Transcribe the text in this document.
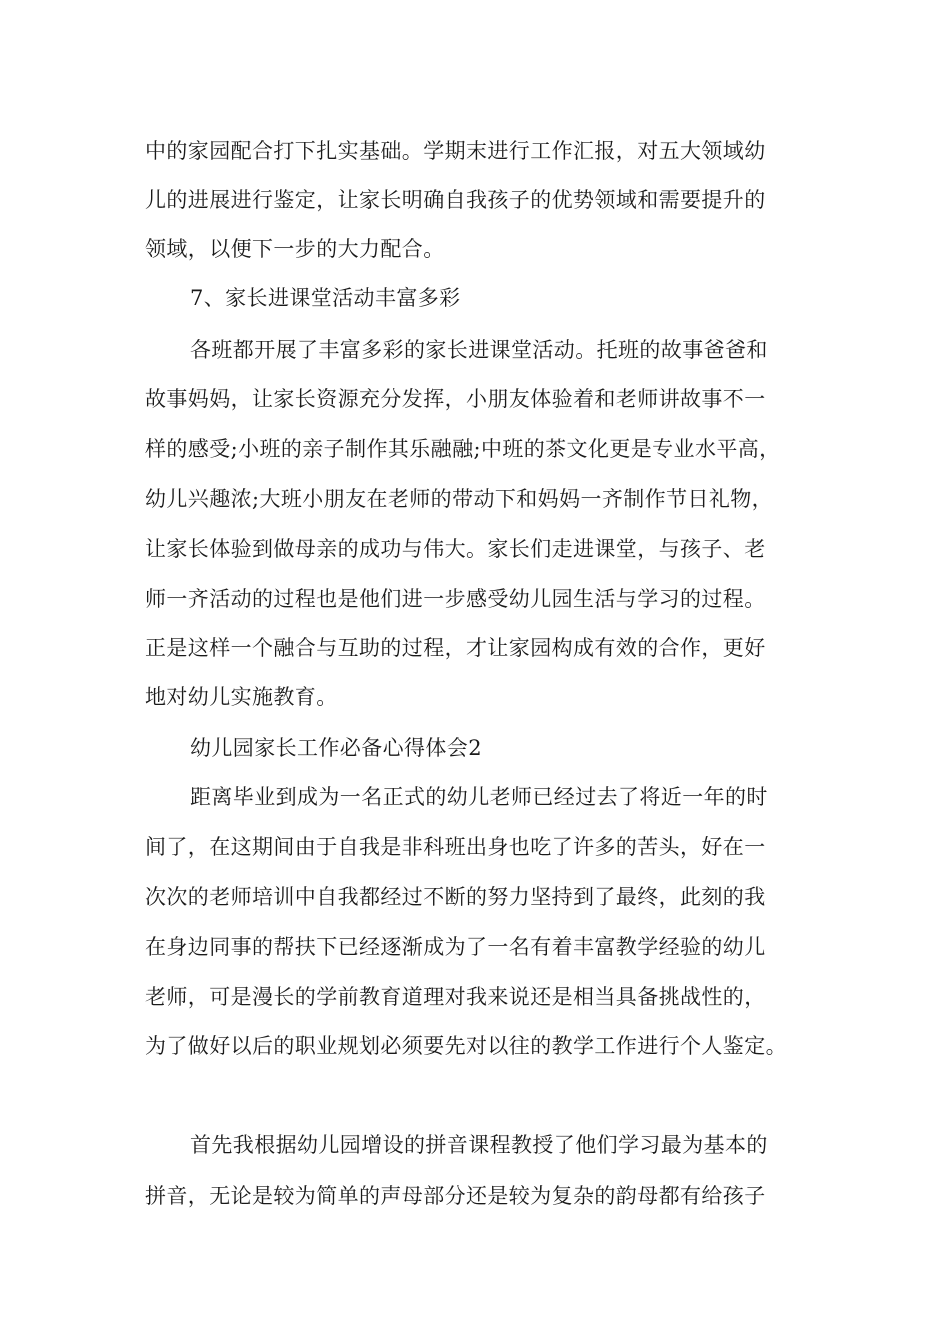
中的家园配合打下扎实基础。学期末进行工作汇报，对五大领域幼
儿的进展进行鉴定，让家长明确自我孩子的优势领域和需要提升的
领域，以便下一步的大力配合。
7、家长进课堂活动丰富多彩
各班都开展了丰富多彩的家长进课堂活动。托班的故事爸爸和
故事妈妈，让家长资源充分发挥，小朋友体验着和老师讲故事不一
样的感受;小班的亲子制作其乐融融;中班的茶文化更是专业水平高，
幼儿兴趣浓;大班小朋友在老师的带动下和妈妈一齐制作节日礼物，
让家长体验到做母亲的成功与伟大。家长们走进课堂，与孩子、老
师一齐活动的过程也是他们进一步感受幼儿园生活与学习的过程。
正是这样一个融合与互助的过程，才让家园构成有效的合作，更好
地对幼儿实施教育。
幼儿园家长工作必备心得体会2
距离毕业到成为一名正式的幼儿老师已经过去了将近一年的时
间了，在这期间由于自我是非科班出身也吃了许多的苦头，好在一
次次的老师培训中自我都经过不断的努力坚持到了最终，此刻的我
在身边同事的帮扶下已经逐渐成为了一名有着丰富教学经验的幼儿
老师，可是漫长的学前教育道理对我来说还是相当具备挑战性的，
为了做好以后的职业规划必须要先对以往的教学工作进行个人鉴定。
首先我根据幼儿园增设的拼音课程教授了他们学习最为基本的
拼音，无论是较为简单的声母部分还是较为复杂的韵母都有给孩子
